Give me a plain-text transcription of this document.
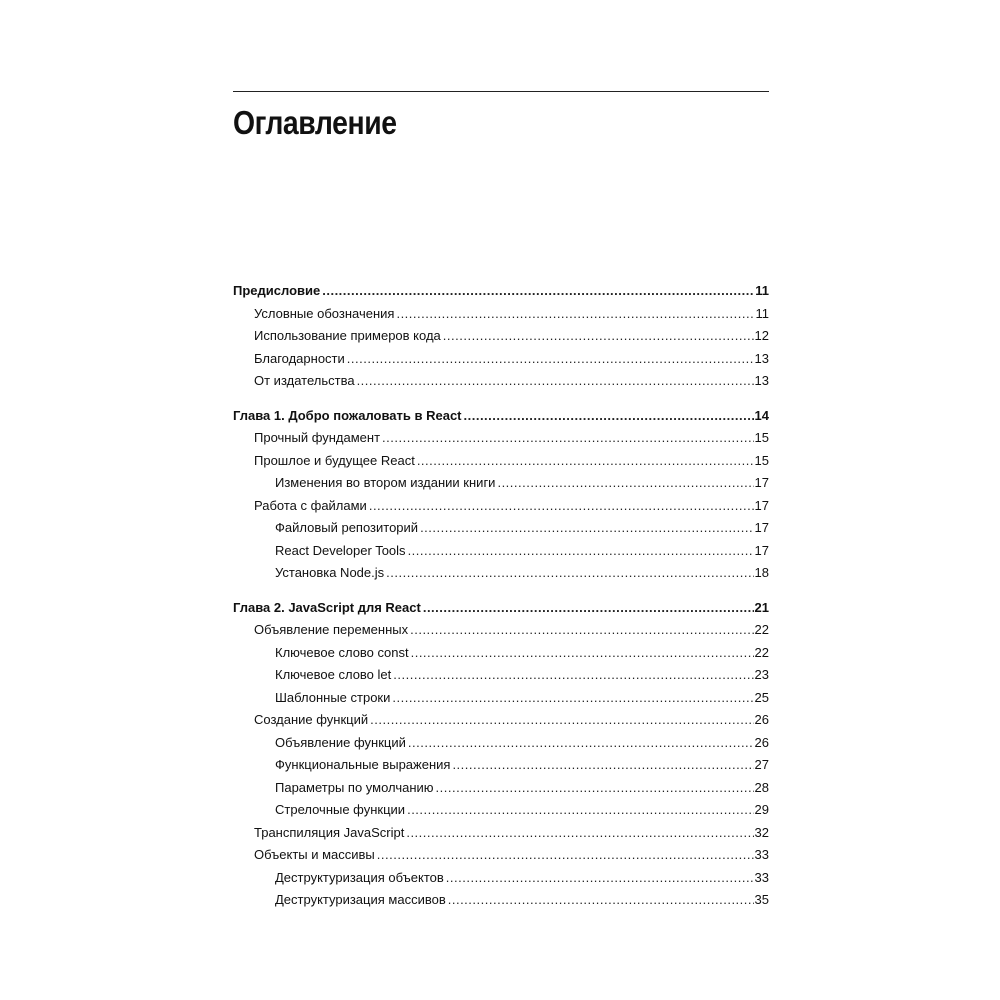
Оглавление
Предисловие .....	11
Условные обозначения .....	11
Использование примеров кода .....	12
Благодарности .....	13
От издательства .....	13
Глава 1. Добро пожаловать в React .....	14
Прочный фундамент .....	15
Прошлое и будущее React .....	15
Изменения во втором издании книги .....	17
Работа с файлами .....	17
Файловый репозиторий .....	17
React Developer Tools .....	17
Установка Node.js .....	18
Глава 2. JavaScript для React .....	21
Объявление переменных .....	22
Ключевое слово const .....	22
Ключевое слово let .....	23
Шаблонные строки .....	25
Создание функций .....	26
Объявление функций .....	26
Функциональные выражения .....	27
Параметры по умолчанию .....	28
Стрелочные функции .....	29
Транспиляция JavaScript .....	32
Объекты и массивы .....	33
Деструктуризация объектов .....	33
Деструктуризация массивов .....	35
